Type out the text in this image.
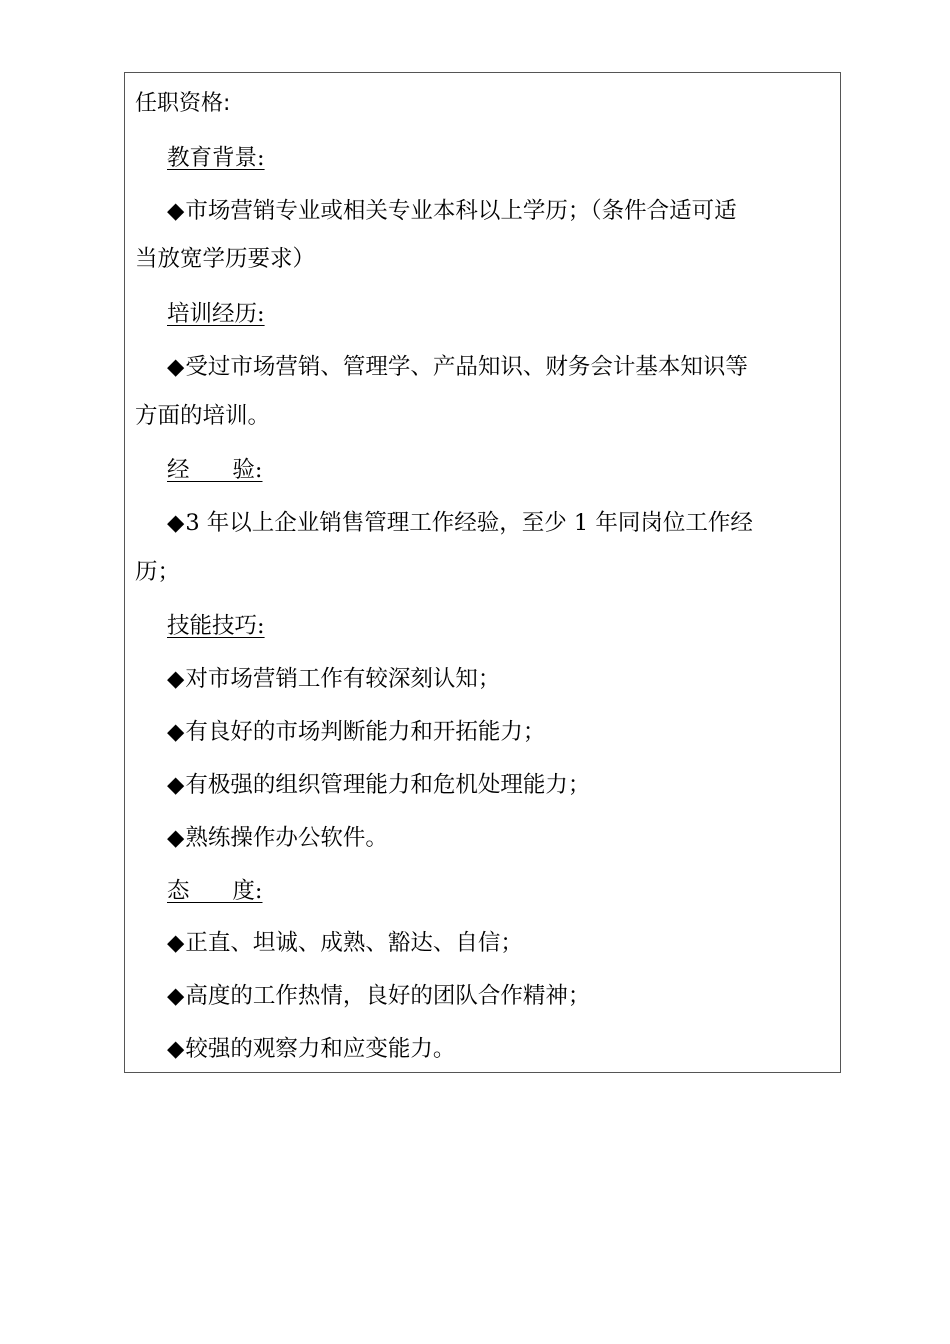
任职资格:
教育背景:
◆市场营销专业或相关专业本科以上学历；（条件合适可适
当放宽学历要求）
培训经历:
◆受过市场营销、管理学、产品知识、财务会计基本知识等
方面的培训。
经      验:
◆3 年以上企业销售管理工作经验，至少 1 年同岗位工作经
历；
技能技巧:
◆对市场营销工作有较深刻认知；
◆有良好的市场判断能力和开拓能力；
◆有极强的组织管理能力和危机处理能力；
◆熟练操作办公软件。
态      度:
◆正直、坦诚、成熟、豁达、自信；
◆高度的工作热情，良好的团队合作精神；
◆较强的观察力和应变能力。
